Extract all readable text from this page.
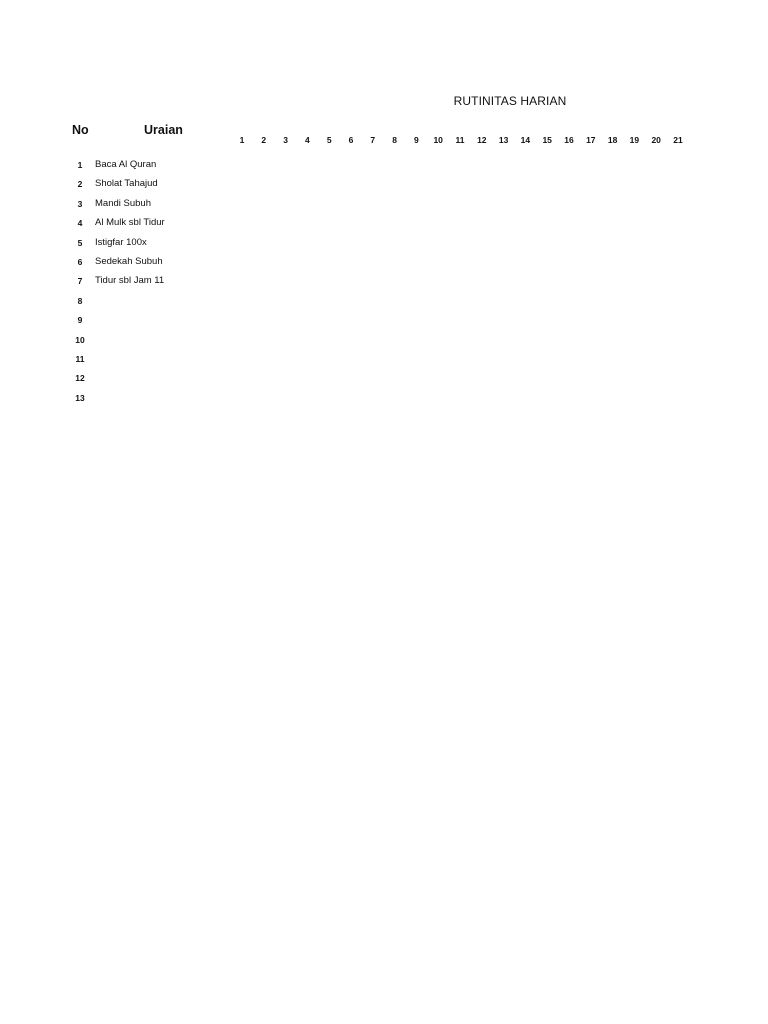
RUTINITAS HARIAN
No	Uraian
1	2	3	4	5	6	7	8	9	10	11	12	13	14	15	16	17	18	19	20	21
1	Baca Al Quran
2	Sholat Tahajud
3	Mandi Subuh
4	Al Mulk sbl Tidur
5	Istigfar 100x
6	Sedekah Subuh
7	Tidur sbl Jam 11
8
9
10
11
12
13
